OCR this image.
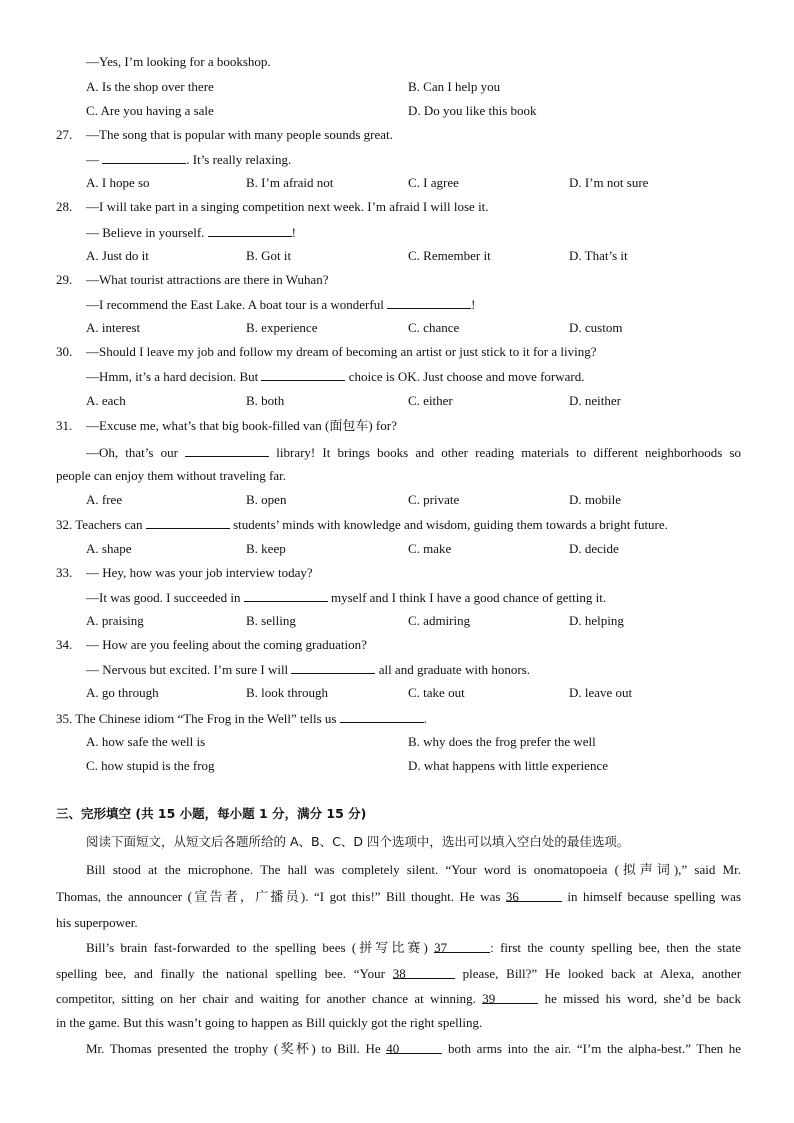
—Yes, I’m looking for a bookshop.
A. Is the shop over there	B. Can I help you
C. Are you having a sale	D. Do you like this book
27. —The song that is popular with many people sounds great.
—	. It’s really relaxing.
A. I hope so	B. I’m afraid not	C. I agree	D. I’m not sure
28. —I will take part in a singing competition next week. I’m afraid I will lose it.
— Believe in yourself.	!
A. Just do it	B. Got it	C. Remember it	D. That’s it
29. —What tourist attractions are there in Wuhan?
—I recommend the East Lake. A boat tour is a wonderful	!
A. interest	B. experience	C. chance	D. custom
30. —Should I leave my job and follow my dream of becoming an artist or just stick to it for a living?
—Hmm, it’s a hard decision. But	choice is OK. Just choose and move forward.
A. each	B. both	C. either	D. neither
31. —Excuse me, what’s that big book-filled van (面包车) for?
—Oh, that’s our	library! It brings books and other reading materials to different neighborhoods so
people can enjoy them without traveling far.
A. free	B. open	C. private	D. mobile
32. Teachers can	students’ minds with knowledge and wisdom, guiding them towards a bright future.
A. shape	B. keep	C. make	D. decide
33. — Hey, how was your job interview today?
—It was good. I succeeded in	myself and I think I have a good chance of getting it.
A. praising	B. selling	C. admiring	D. helping
34. — How are you feeling about the coming graduation?
— Nervous but excited. I’m sure I will	all and graduate with honors.
A. go through	B. look through	C. take out	D. leave out
35. The Chinese idiom “The Frog in the Well” tells us	.
A. how safe the well is	B. why does the frog prefer the well
C. how stupid is the frog	D. what happens with little experience
三、完形填空 (共 15 小题，每小题 1 分，满分 15 分)
阅读下面短文，从短文后各题所给的 A、B、C、D 四个选项中，选出可以填入空白处的最佳选项。
Bill stood at the microphone. The hall was completely silent. “Your word is onomatopoeia (拟声词),” said Mr.
Thomas, the announcer (宣告者，广播员). “I got this!” Bill thought. He was 36	in himself because spelling was
his superpower.
Bill’s brain fast-forwarded to the spelling bees (拼写比赛) 37	: first the county spelling bee, then the state
spelling bee, and finally the national spelling bee. “Your 38	please, Bill?” He looked back at Alexa, another
competitor, sitting on her chair and waiting for another chance at winning. 39	he missed his word, she’d be back
in the game. But this wasn’t going to happen as Bill quickly got the right spelling.
Mr. Thomas presented the trophy (奖杯) to Bill. He 40	both arms into the air. “I’m the alpha-best.” Then he
